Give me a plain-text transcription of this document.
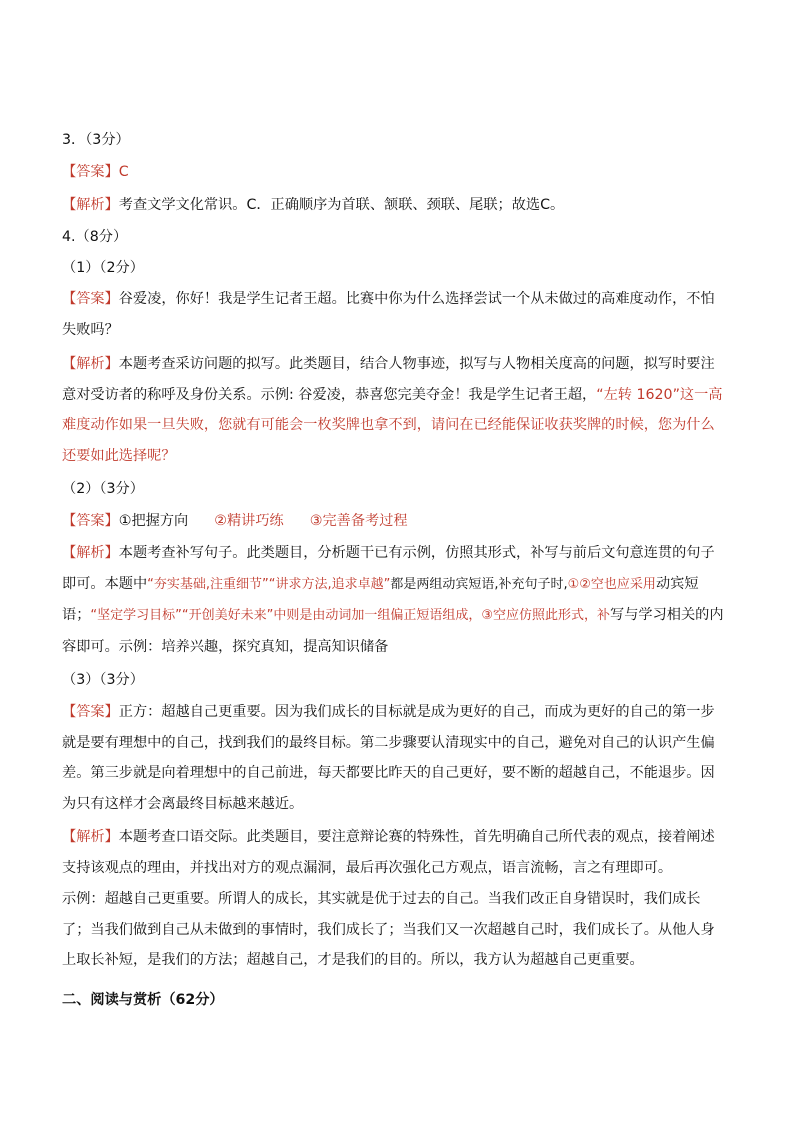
3．（3分）

【答案】C

【解析】考查文学文化常识。C．正确顺序为首联、颔联、颈联、尾联；故选C。

4.（8分）

（1）（2分）

【答案】谷爱凌，你好！我是学生记者王超。比赛中你为什么选择尝试一个从未做过的高难度动作，不怕失败吗？

【解析】本题考查采访问题的拟写。此类题目，结合人物事迹，拟写与人物相关度高的问题，拟写时要注意对受访者的称呼及身份关系。示例: 谷爱凌，恭喜您完美夺金！我是学生记者王超，“左转 1620”这一高难度动作如果一旦失败，您就有可能会一枚奖牌也拿不到，请问在已经能保证收获奖牌的时候，您为什么还要如此选择呢？

（2）（3分）

【答案】①把握方向 ②精讲巧练 ③完善备考过程

【解析】本题考查补写句子。此类题目，分析题干已有示例，仿照其形式，补写与前后文句意连贯的句子即可。本题中“夯实基础,注重细节”“讲求方法,追求卓越”都是两组动宾短语,补充句子时,①②空也应采用动宾短语；“坚定学习目标”“开创美好未来”中则是由动词加一组偏正短语组成，③空应仿照此形式，补写与学习相关的内容即可。示例：培养兴趣，探究真知，提高知识储备

（3）（3分）

【答案】正方：超越自己更重要。因为我们成长的目标就是成为更好的自己，而成为更好的自己的第一步就是要有理想中的自己，找到我们的最终目标。第二步骤要认清现实中的自己，避免对自己的认识产生偏差。第三步就是向着理想中的自己前进，每天都要比昨天的自己更好，要不断的超越自己，不能退步。因为只有这样才会离最终目标越来越近。

【解析】本题考查口语交际。此类题目，要注意辩论赛的特殊性，首先明确自己所代表的观点，接着阐述支持该观点的理由，并找出对方的观点漏洞，最后再次强化己方观点，语言流畅，言之有理即可。

示例：超越自己更重要。所谓人的成长，其实就是优于过去的自己。当我们改正自身错误时，我们成长了；当我们做到自己从未做到的事情时，我们成长了；当我们又一次超越自己时，我们成长了。从他人身上取长补短，是我们的方法；超越自己，才是我们的目的。所以，我方认为超越自己更重要。

二、阅读与赏析（62分）
